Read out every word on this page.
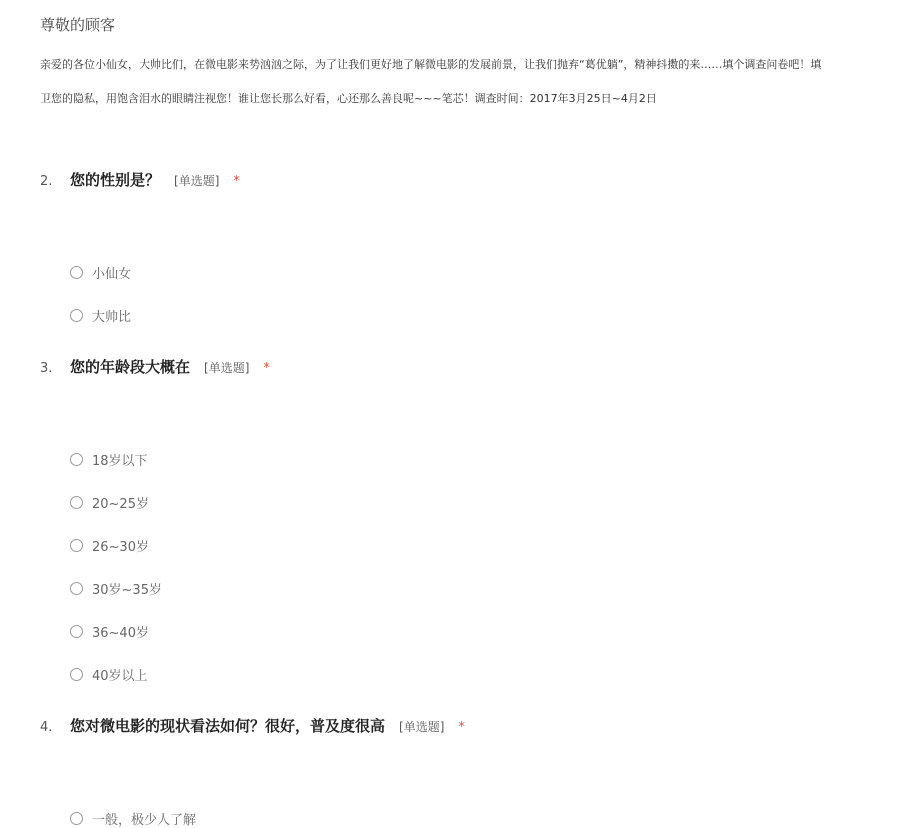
尊敬的顾客
亲爱的各位小仙女，大帅比们，在微电影来势汹汹之际，为了让我们更好地了解微电影的发展前景，让我们抛弃“葛优躺”，精神抖擞的来……填个调查问卷吧！填
卫您的隐私，用饱含泪水的眼睛注视您！谁让您长那么好看，心还那么善良呢~~~笔芯！调查时间：2017年3月25日~4月2日
2.	您的性别是？ [单选题] *
小仙女
大帅比
3.	您的年龄段大概在 [单选题] *
18岁以下
20~25岁
26~30岁
30岁~35岁
36~40岁
40岁以上
4.	您对微电影的现状看法如何？很好，普及度很高 [单选题] *
一般，极少人了解
